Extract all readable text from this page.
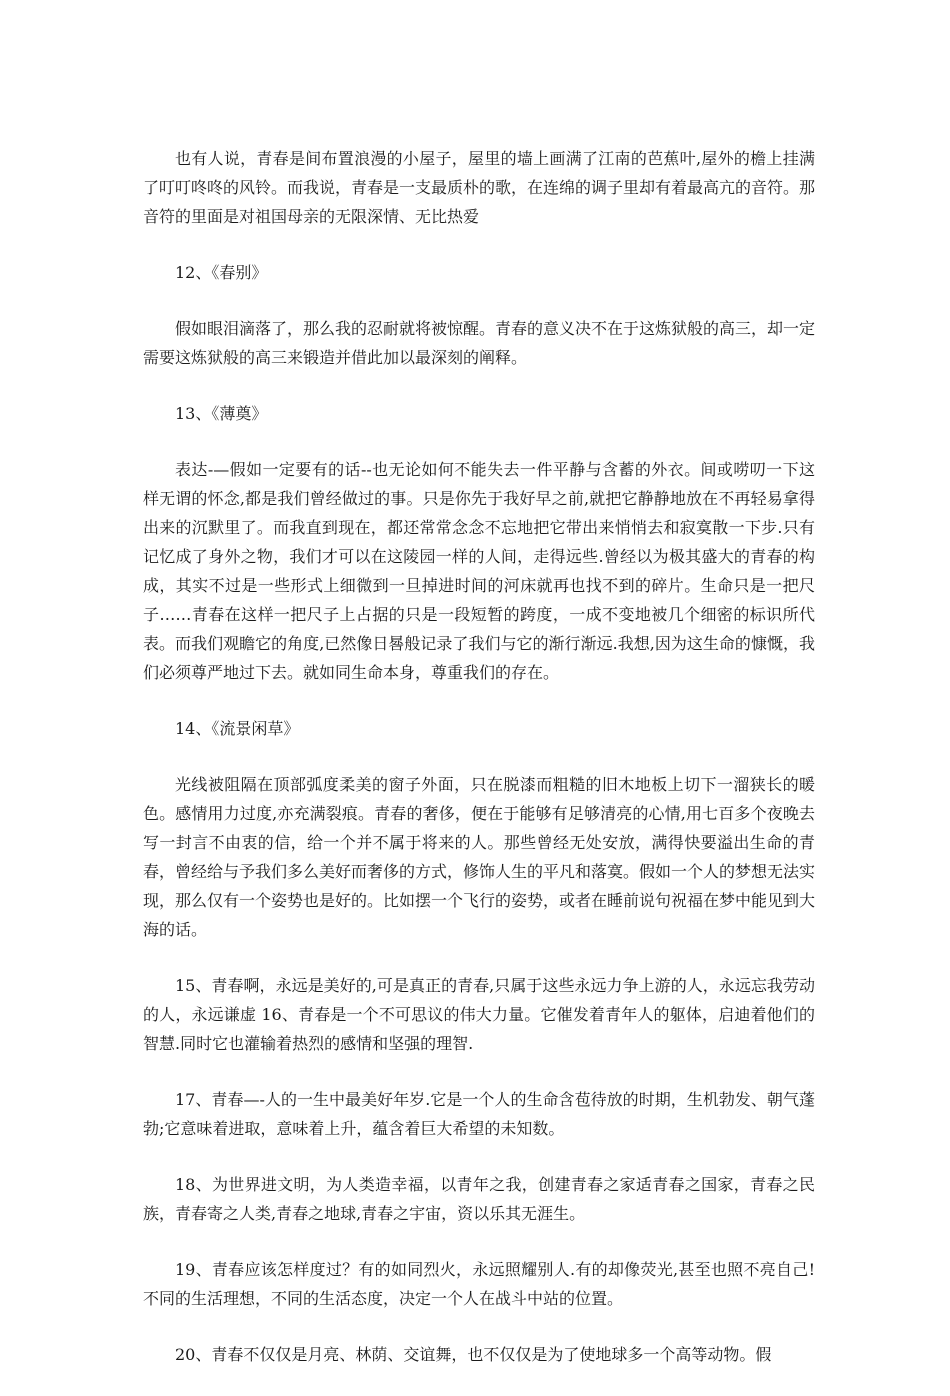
也有人说，青春是间布置浪漫的小屋子，屋里的墙上画满了江南的芭蕉叶,屋外的檐上挂满了叮叮咚咚的风铃。而我说，青春是一支最质朴的歌，在连绵的调子里却有着最高亢的音符。那音符的里面是对祖国母亲的无限深情、无比热爱

12、《春别》

假如眼泪滴落了，那么我的忍耐就将被惊醒。青春的意义决不在于这炼狱般的高三，却一定需要这炼狱般的高三来锻造并借此加以最深刻的阐释。

13、《薄奠》

表达-—假如一定要有的话--也无论如何不能失去一件平静与含蓄的外衣。间或唠叨一下这样无谓的怀念,都是我们曾经做过的事。只是你先于我好早之前,就把它静静地放在不再轻易拿得出来的沉默里了。而我直到现在，都还常常念念不忘地把它带出来悄悄去和寂寞散一下步.只有记忆成了身外之物，我们才可以在这陵园一样的人间，走得远些.曾经以为极其盛大的青春的构成，其实不过是一些形式上细微到一旦掉进时间的河床就再也找不到的碎片。生命只是一把尺子……青春在这样一把尺子上占据的只是一段短暂的跨度，一成不变地被几个细密的标识所代表。而我们观瞻它的角度,已然像日晷般记录了我们与它的渐行渐远.我想,因为这生命的慷慨，我们必须尊严地过下去。就如同生命本身，尊重我们的存在。

14、《流景闲草》

光线被阻隔在顶部弧度柔美的窗子外面，只在脱漆而粗糙的旧木地板上切下一溜狭长的暖色。感情用力过度,亦充满裂痕。青春的奢侈，便在于能够有足够清亮的心情,用七百多个夜晚去写一封言不由衷的信，给一个并不属于将来的人。那些曾经无处安放，满得快要溢出生命的青春，曾经给与予我们多么美好而奢侈的方式，修饰人生的平凡和落寞。假如一个人的梦想无法实现，那么仅有一个姿势也是好的。比如摆一个飞行的姿势，或者在睡前说句祝福在梦中能见到大海的话。

15、青春啊，永远是美好的,可是真正的青春,只属于这些永远力争上游的人，永远忘我劳动的人，永远谦虚 16、青春是一个不可思议的伟大力量。它催发着青年人的躯体，启迪着他们的智慧.同时它也灌输着热烈的感情和坚强的理智.

17、青春—-人的一生中最美好年岁.它是一个人的生命含苞待放的时期，生机勃发、朝气蓬勃;它意味着进取，意味着上升，蕴含着巨大希望的未知数。

18、为世界进文明，为人类造幸福，以青年之我，创建青春之家适青春之国家，青春之民族，青春寄之人类,青春之地球,青春之宇宙，资以乐其无涯生。

19、青春应该怎样度过？有的如同烈火，永远照耀别人.有的却像荧光,甚至也照不亮自己!不同的生活理想，不同的生活态度，决定一个人在战斗中站的位置。

20、青春不仅仅是月亮、林荫、交谊舞，也不仅仅是为了使地球多一个高等动物。假
